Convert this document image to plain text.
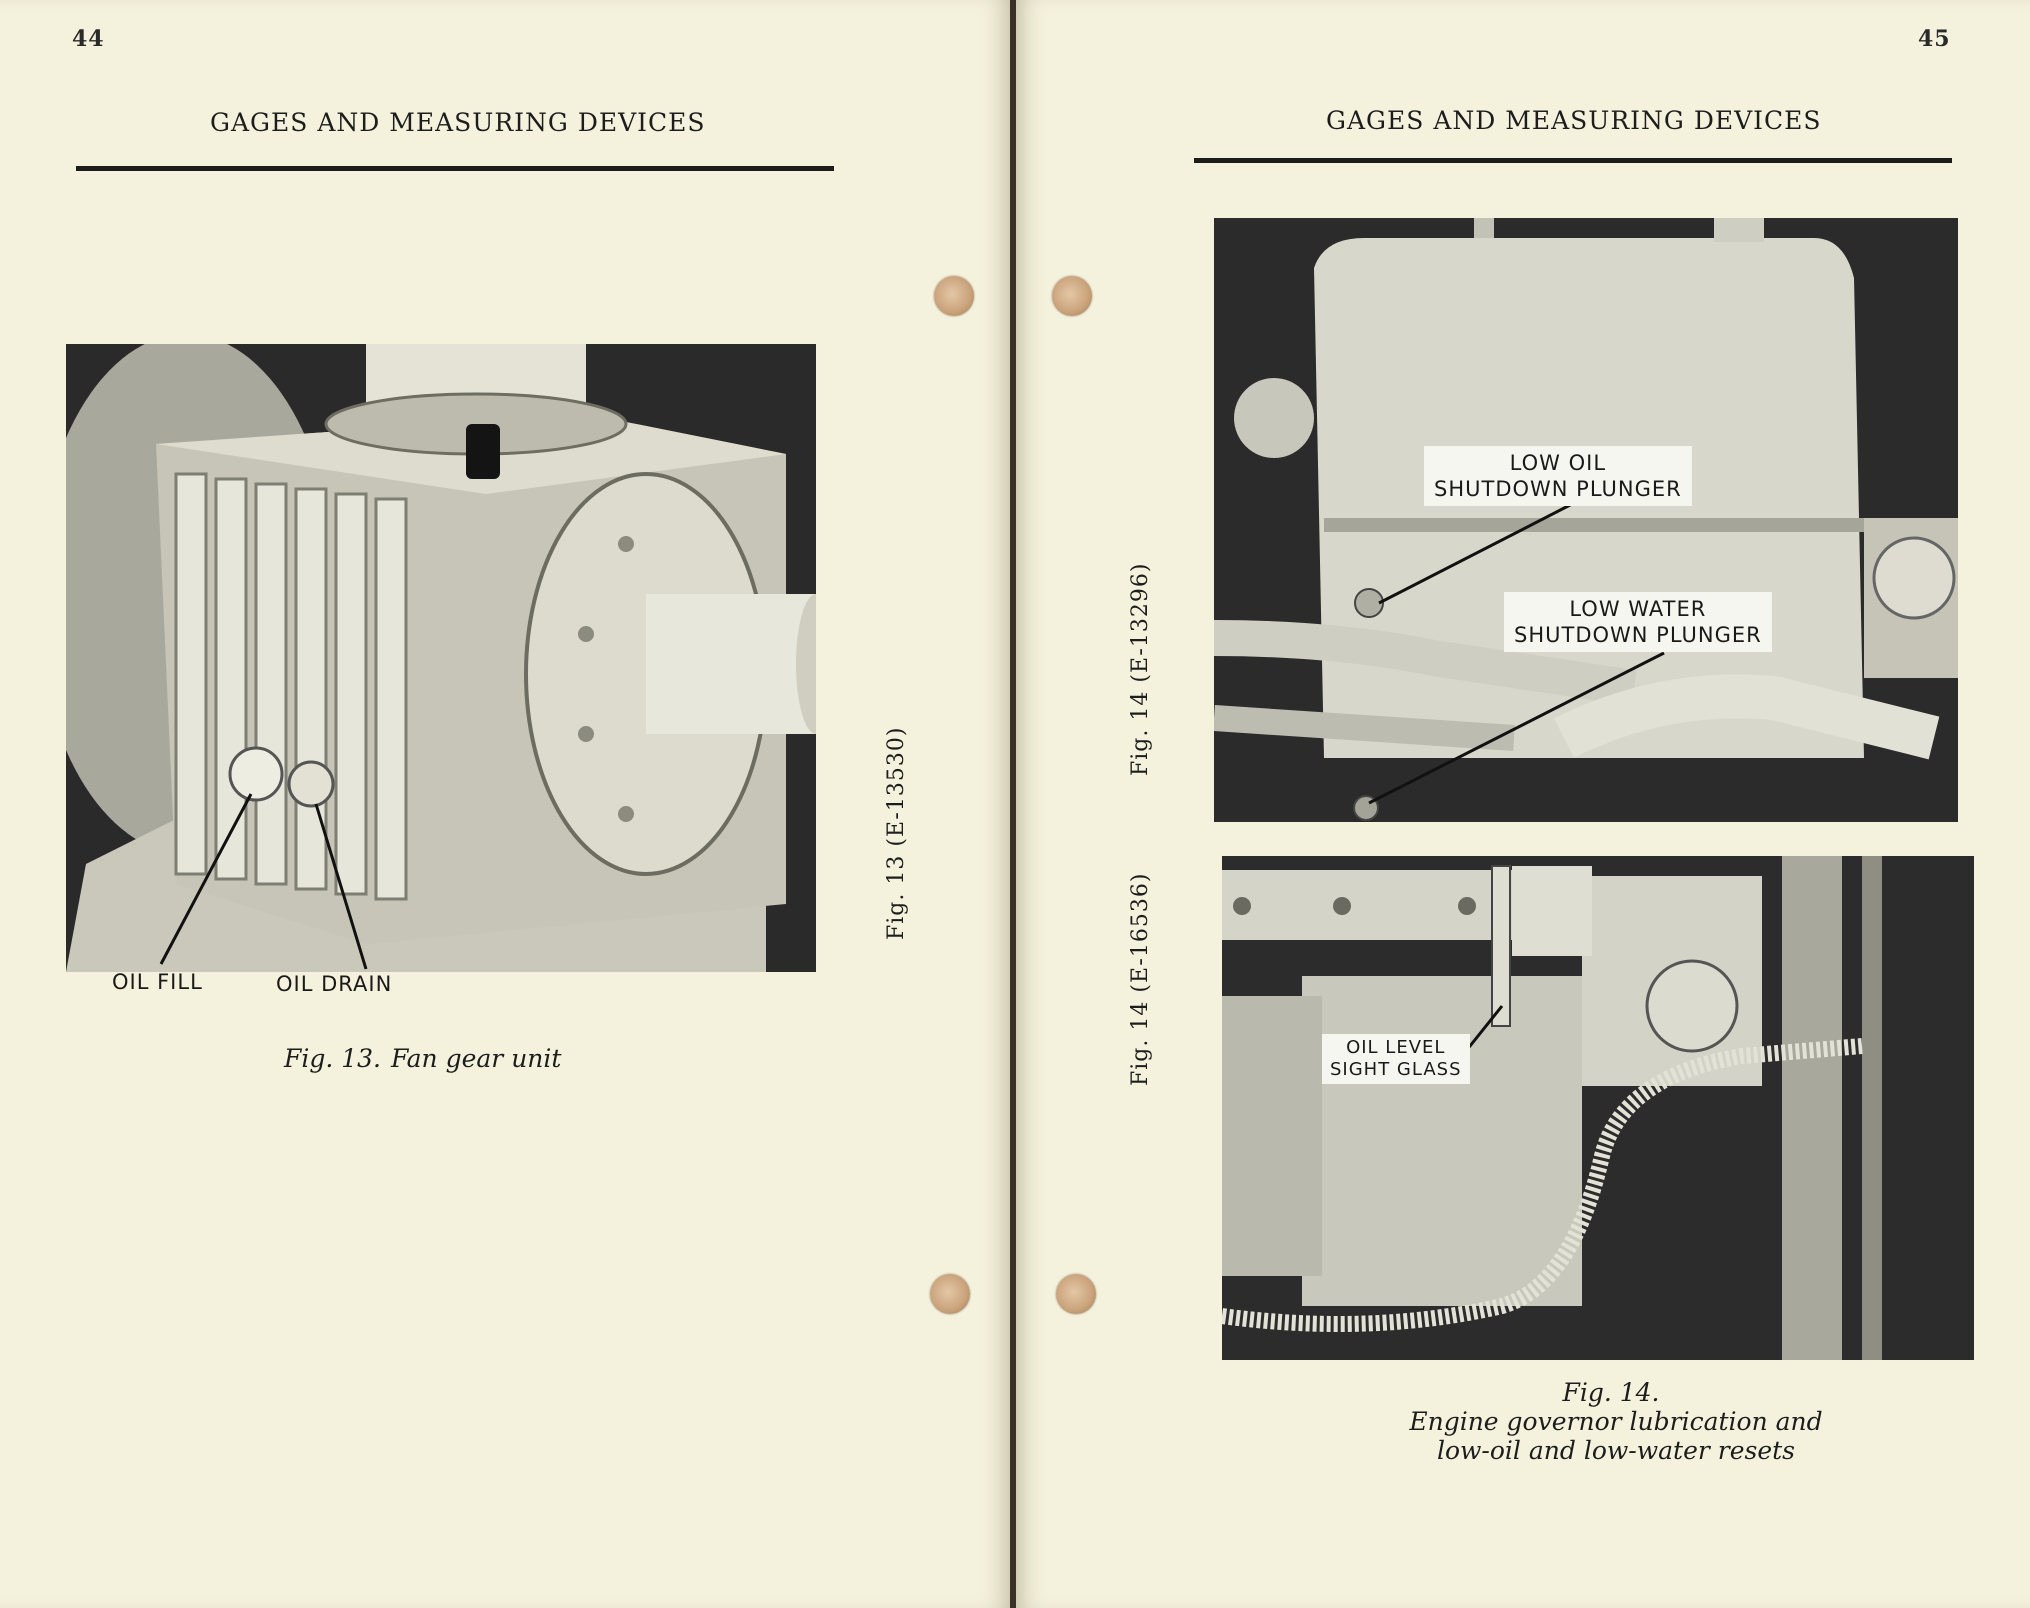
44
GAGES AND MEASURING DEVICES
OIL FILL	OIL DRAIN
Fig. 13. Fan gear unit
Fig. 13 (E-13530)
45
GAGES AND MEASURING DEVICES
LOW OIL
SHUTDOWN PLUNGER
LOW WATER
SHUTDOWN PLUNGER
OIL LEVEL
SIGHT GLASS
Fig. 14 (E-13296)
Fig. 14 (E-16536)
Fig. 14.
Engine governor lubrication and
low-oil and low-water resets
